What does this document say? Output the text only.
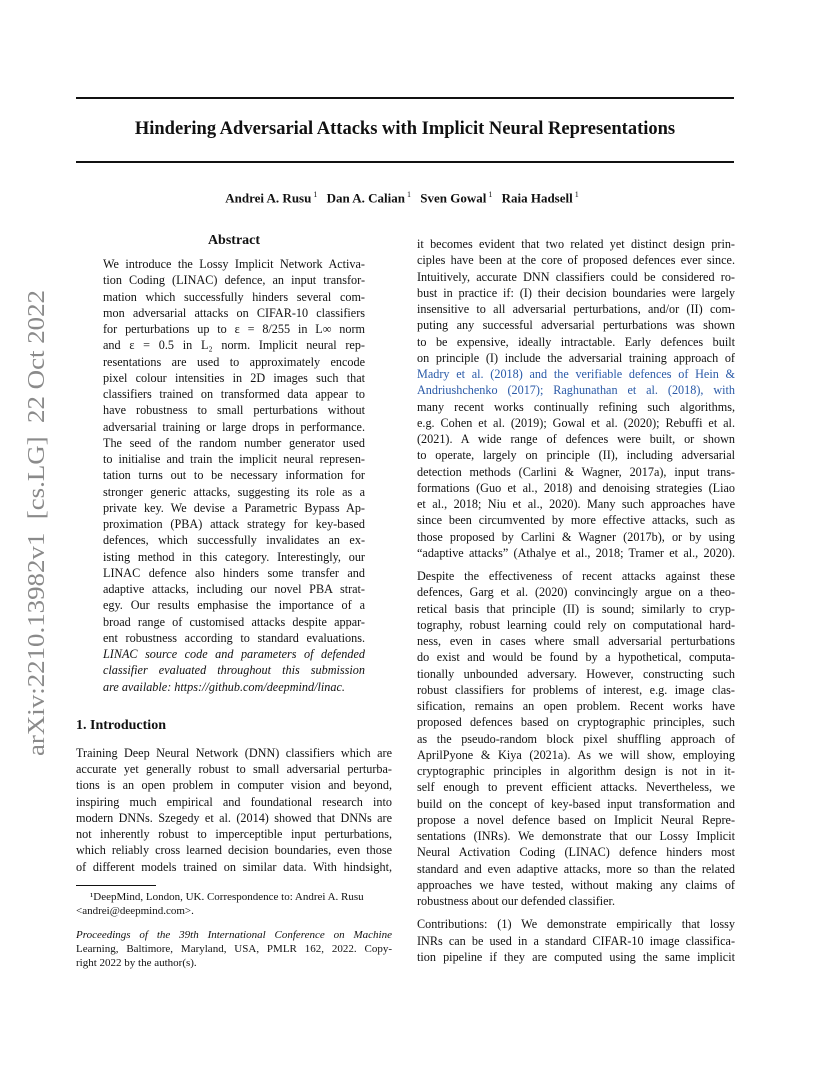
Hindering Adversarial Attacks with Implicit Neural Representations
Andrei A. Rusu $^1$ Dan A. Calian $^1$ Sven Gowal $^1$ Raia Hadsell $^1$
arXiv:2210.13982v1  [cs.LG]  22 Oct 2022
Abstract
We introduce the Lossy Implicit Network Activa-
tion Coding (LINAC) defence, an input transfor-
mation which successfully hinders several com-
mon adversarial attacks on CIFAR-10 classifiers
for perturbations up to ε = 8/255 in L∞ norm
and ε = 0.5 in L₂ norm. Implicit neural rep-
resentations are used to approximately encode
pixel colour intensities in 2D images such that
classifiers trained on transformed data appear to
have robustness to small perturbations without
adversarial training or large drops in performance.
The seed of the random number generator used
to initialise and train the implicit neural represen-
tation turns out to be necessary information for
stronger generic attacks, suggesting its role as a
private key. We devise a Parametric Bypass Ap-
proximation (PBA) attack strategy for key-based
defences, which successfully invalidates an ex-
isting method in this category. Interestingly, our
LINAC defence also hinders some transfer and
adaptive attacks, including our novel PBA strat-
egy. Our results emphasise the importance of a
broad range of customised attacks despite appar-
ent robustness according to standard evaluations.
LINAC source code and parameters of defended
classifier evaluated throughout this submission
are available: https://github.com/deepmind/linac.
1. Introduction
Training Deep Neural Network (DNN) classifiers which are
accurate yet generally robust to small adversarial perturba-
tions is an open problem in computer vision and beyond,
inspiring much empirical and foundational research into
modern DNNs. Szegedy et al. (2014) showed that DNNs are
not inherently robust to imperceptible input perturbations,
which reliably cross learned decision boundaries, even those
of different models trained on similar data. With hindsight,
¹DeepMind, London, UK. Correspondence to: Andrei A. Rusu
<andrei@deepmind.com>.
Proceedings of the 39th International Conference on Machine
Learning, Baltimore, Maryland, USA, PMLR 162, 2022. Copy-
right 2022 by the author(s).
it becomes evident that two related yet distinct design prin-
ciples have been at the core of proposed defences ever since.
Intuitively, accurate DNN classifiers could be considered ro-
bust in practice if: (I) their decision boundaries were largely
insensitive to all adversarial perturbations, and/or (II) com-
puting any successful adversarial perturbations was shown
to be expensive, ideally intractable. Early defences built
on principle (I) include the adversarial training approach of
Madry et al. (2018) and the verifiable defences of Hein &
Andriushchenko (2017); Raghunathan et al. (2018), with
many recent works continually refining such algorithms,
e.g. Cohen et al. (2019); Gowal et al. (2020); Rebuffi et al.
(2021). A wide range of defences were built, or shown
to operate, largely on principle (II), including adversarial
detection methods (Carlini & Wagner, 2017a), input trans-
formations (Guo et al., 2018) and denoising strategies (Liao
et al., 2018; Niu et al., 2020). Many such approaches have
since been circumvented by more effective attacks, such as
those proposed by Carlini & Wagner (2017b), or by using
“adaptive attacks” (Athalye et al., 2018; Tramer et al., 2020).
Despite the effectiveness of recent attacks against these
defences, Garg et al. (2020) convincingly argue on a theo-
retical basis that principle (II) is sound; similarly to cryp-
tography, robust learning could rely on computational hard-
ness, even in cases where small adversarial perturbations
do exist and would be found by a hypothetical, computa-
tionally unbounded adversary. However, constructing such
robust classifiers for problems of interest, e.g. image clas-
sification, remains an open problem. Recent works have
proposed defences based on cryptographic principles, such
as the pseudo-random block pixel shuffling approach of
AprilPyone & Kiya (2021a). As we will show, employing
cryptographic principles in algorithm design is not in it-
self enough to prevent efficient attacks. Nevertheless, we
build on the concept of key-based input transformation and
propose a novel defence based on Implicit Neural Repre-
sentations (INRs). We demonstrate that our Lossy Implicit
Neural Activation Coding (LINAC) defence hinders most
standard and even adaptive attacks, more so than the related
approaches we have tested, without making any claims of
robustness about our defended classifier.
Contributions: (1) We demonstrate empirically that lossy
INRs can be used in a standard CIFAR-10 image classifica-
tion pipeline if they are computed using the same implicit
